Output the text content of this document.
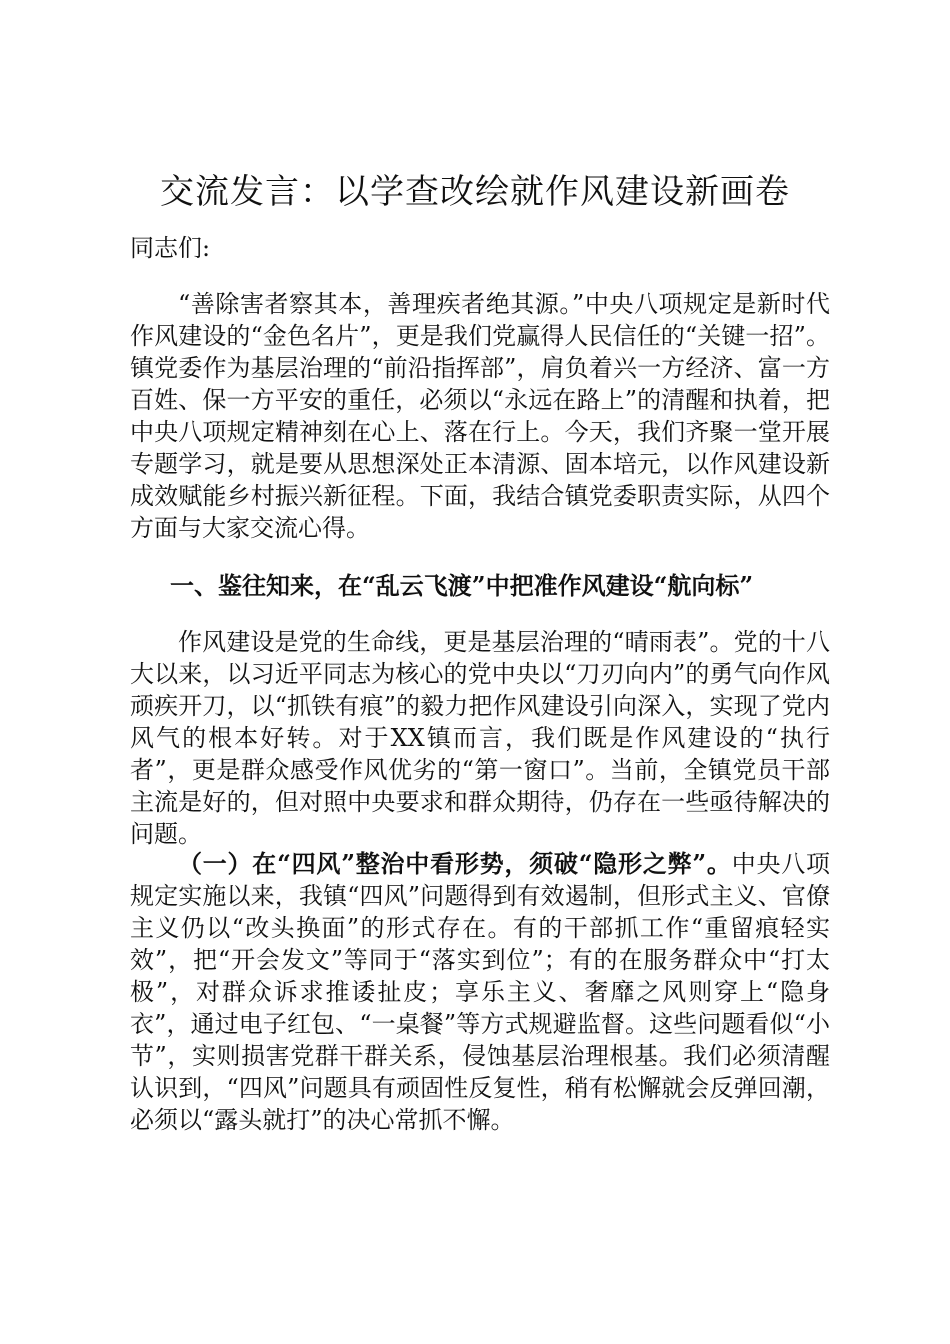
交流发言：以学查改绘就作风建设新画卷

同志们:

“善除害者察其本，善理疾者绝其源。”中央八项规定是新时代作风建设的“金色名片”，更是我们党赢得人民信任的“关键一招”。镇党委作为基层治理的“前沿指挥部”，肩负着兴一方经济、富一方百姓、保一方平安的重任，必须以“永远在路上”的清醒和执着，把中央八项规定精神刻在心上、落在行上。今天，我们齐聚一堂开展专题学习，就是要从思想深处正本清源、固本培元，以作风建设新成效赋能乡村振兴新征程。下面，我结合镇党委职责实际，从四个方面与大家交流心得。

一、鉴往知来，在“乱云飞渡”中把准作风建设“航向标”

作风建设是党的生命线，更是基层治理的“晴雨表”。党的十八大以来，以习近平同志为核心的党中央以“刀刃向内”的勇气向作风顽疾开刀，以“抓铁有痕”的毅力把作风建设引向深入，实现了党内风气的根本好转。对于XX镇而言，我们既是作风建设的“执行者”，更是群众感受作风优劣的“第一窗口”。当前，全镇党员干部主流是好的，但对照中央要求和群众期待，仍存在一些亟待解决的问题。

（一）在“四风”整治中看形势，须破“隐形之弊”。中央八项规定实施以来，我镇“四风”问题得到有效遏制，但形式主义、官僚主义仍以“改头换面”的形式存在。有的干部抓工作“重留痕轻实效”，把“开会发文”等同于“落实到位”；有的在服务群众中“打太极”，对群众诉求推诿扯皮；享乐主义、奢靡之风则穿上“隐身衣”，通过电子红包、“一桌餐”等方式规避监督。这些问题看似“小节”，实则损害党群干群关系，侵蚀基层治理根基。我们必须清醒认识到，“四风”问题具有顽固性反复性，稍有松懈就会反弹回潮，必须以“露头就打”的决心常抓不懈。
